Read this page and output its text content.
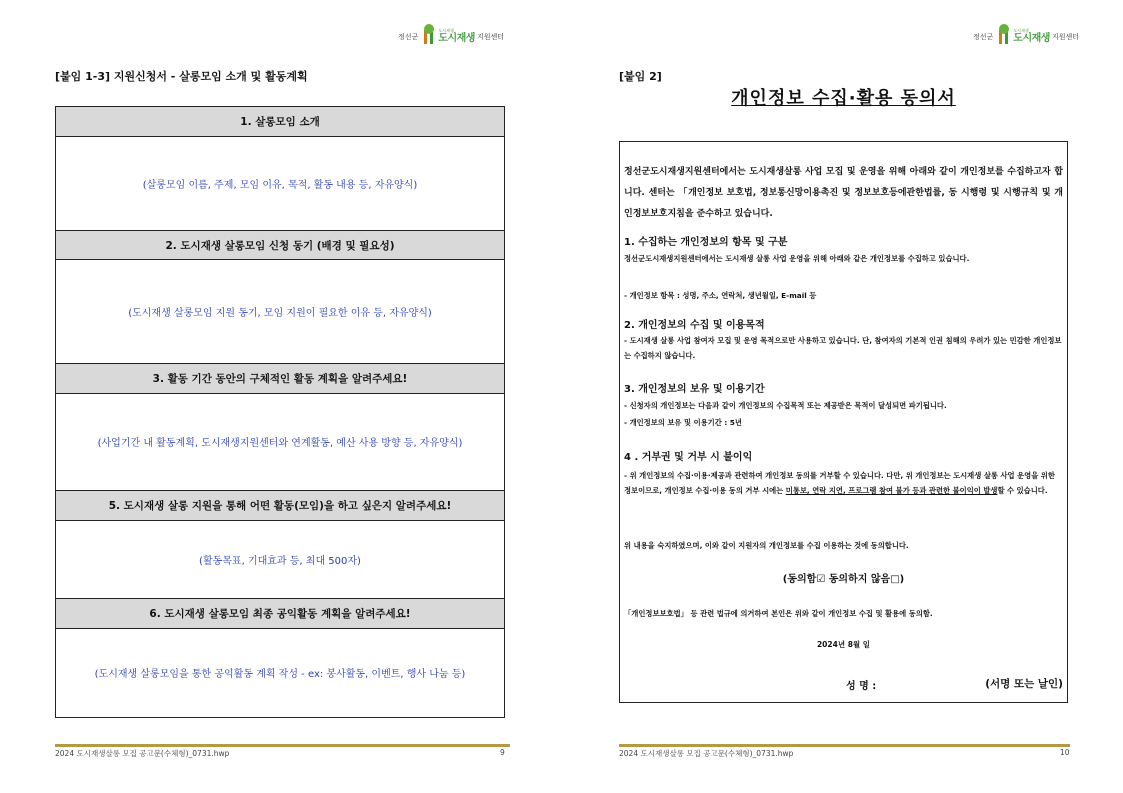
정선군
도시재생
도시재생 지원센터
[붙임 1-3] 지원신청서 - 살롱모임 소개 및 활동계획
1. 살롱모임 소개
(살롱모임 이름, 주제, 모임 이유, 목적, 활동 내용 등, 자유양식)
2. 도시재생 살롱모임 신청 동기 (배경 및 필요성)
(도시재생 살롱모임 지원 동기, 모임 지원이 필요한 이유 등, 자유양식)
3. 활동 기간 동안의 구체적인 활동 계획을 알려주세요!
(사업기간 내 활동계획, 도시재생지원센터와 연계활동, 예산 사용 방향 등, 자유양식)
5. 도시재생 살롱 지원을 통해 어떤 활동(모임)을 하고 싶은지 알려주세요!
(활동목표, 기대효과 등, 최대 500자)
6. 도시재생 살롱모임 최종 공익활동 계획을 알려주세요!
(도시재생 살롱모임을 통한 공익활동 계획 작성 - ex: 봉사활동, 이벤트, 행사 나눔 등)
2024 도시재생살롱 모집 공고문(수체형)_0731.hwp	9
정선군
도시재생
도시재생 지원센터
[붙임 2]
개인정보 수집·활용 동의서

정선군도시재생지원센터에서는 도시재생살롱 사업 모집 및 운영을 위해 아래와 같이 개인정보를 수집하고자 합니다. 센터는 「개인정보 보호법, 정보통신망이용촉진 및 정보보호등에관한법률, 동 시행령 및 시행규칙 및 개인정보보호지침을 준수하고 있습니다.

1. 수집하는 개인정보의 항목 및 구분

정선군도시재생지원센터에서는 도시재생 살롱 사업 운영을 위해 아래와 같은 개인정보를 수집하고 있습니다.

- 개인정보 항목 : 성명, 주소, 연락처, 생년월일, E-mail 등

2. 개인정보의 수집 및 이용목적

- 도시재생 살롱 사업 참여자 모집 및 운영 목적으로만 사용하고 있습니다. 단, 참여자의 기본적 인권 침해의 우려가 있는 민감한 개인정보는 수집하지 않습니다.

3. 개인정보의 보유 및 이용기간

- 신청자의 개인정보는 다음과 같이 개인정보의 수집목적 또는 제공받은 목적이 달성되면 파기됩니다.

- 개인정보의 보유 및 이용기간 : 5년

4 . 거부권 및 거부 시 불이익

- 위 개인정보의 수집·이용·제공과 관련하여 개인정보 동의를 거부할 수 있습니다. 다만, 위 개인정보는 도시재생 살롱 사업 운영을 위한 정보이므로, 개인정보 수집·이용 동의 거부 시에는 미통보, 연락 지연, 프로그램 참여 불가 등과 관련한 불이익이 발생할 수 있습니다.

위 내용을 숙지하였으며, 이와 같이 지원자의 개인정보를 수집 이용하는 것에 동의합니다.

(동의함☑ 동의하지 않음□)

「개인정보보호법」 등 관련 법규에 의거하여 본인은 위와 같이 개인정보 수집 및 활용에 동의함.

2024년 8월 일
성 명 :	(서명 또는 날인)
2024 도시재생살롱 모집 공고문(수체형)_0731.hwp	10
